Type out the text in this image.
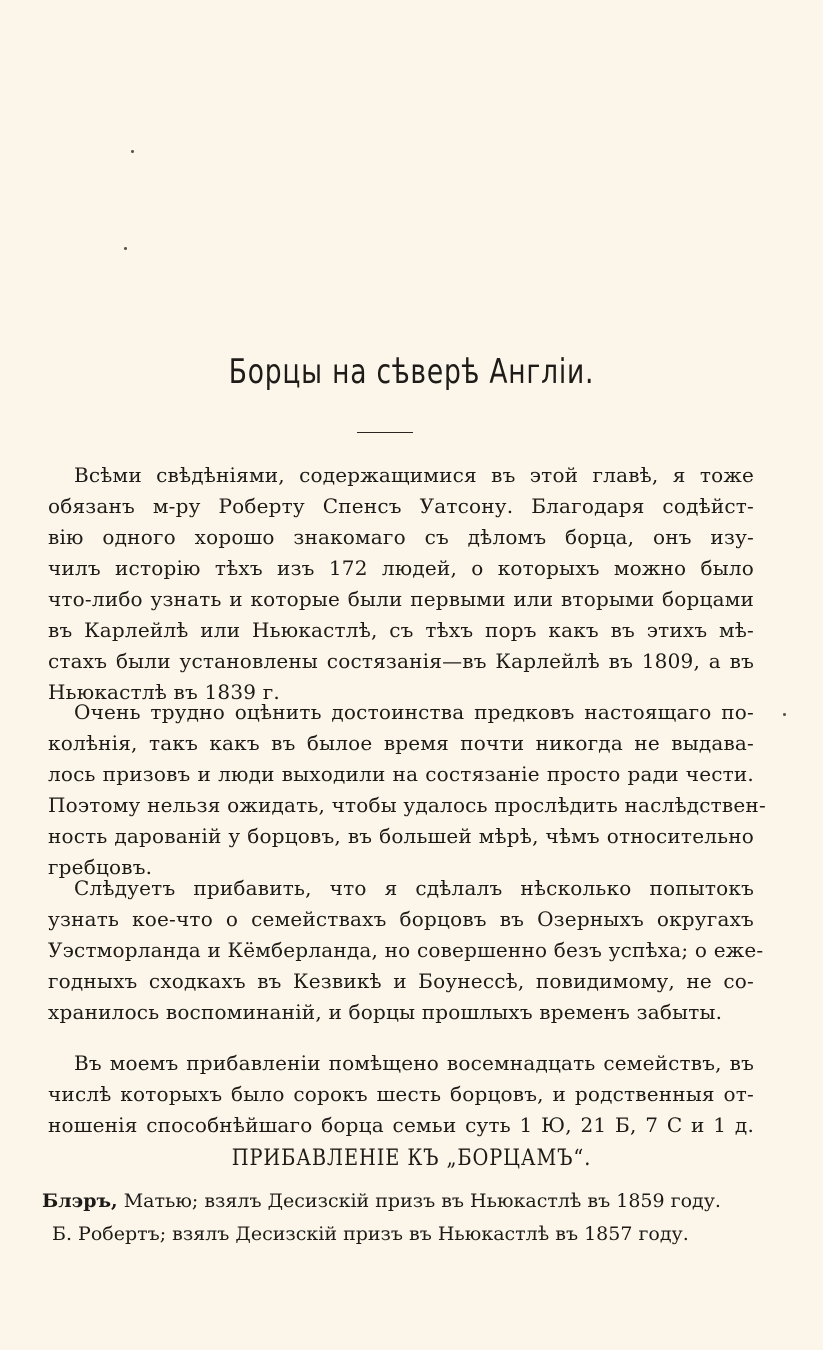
Борцы на сѣверѣ Англіи.
Всѣми свѣдѣніями, содержащимися въ этой главѣ, я тоже
обязанъ м-ру Роберту Спенсъ Уатсону. Благодаря содѣйст-
вію одного хорошо знакомаго съ дѣломъ борца, онъ изу-
чилъ исторію тѣхъ изъ 172 людей, о которыхъ можно было
что-либо узнать и которые были первыми или вторыми борцами
въ Карлейлѣ или Ньюкастлѣ, съ тѣхъ поръ какъ въ этихъ мѣ-
стахъ были установлены состязанія—въ Карлейлѣ въ 1809, а въ
Ньюкастлѣ въ 1839 г.
Очень трудно оцѣнить достоинства предковъ настоящаго по-
колѣнія, такъ какъ въ былое время почти никогда не выдава-
лось призовъ и люди выходили на состязаніе просто ради чести.
Поэтому нельзя ожидать, чтобы удалось прослѣдить наслѣдствен-
ность дарованій у борцовъ, въ большей мѣрѣ, чѣмъ относительно
гребцовъ.
Слѣдуетъ прибавить, что я сдѣлалъ нѣсколько попытокъ
узнать кое-что о семействахъ борцовъ въ Озерныхъ округахъ
Уэстморланда и Кёмберланда, но совершенно безъ успѣха; о еже-
годныхъ сходкахъ въ Кезвикѣ и Боунессѣ, повидимому, не со-
хранилось воспоминаній, и борцы прошлыхъ временъ забыты.
Въ моемъ прибавленіи помѣщено восемнадцать семействъ, въ
числѣ которыхъ было сорокъ шесть борцовъ, и родственныя от-
ношенія способнѣйшаго борца семьи суть 1 Ю, 21 Б, 7 С и 1 д.
ПРИБАВЛЕНІЕ КЪ „БОРЦАМЪ“.
Блэръ, Матью; взялъ Десизскій призъ въ Ньюкастлѣ въ 1859 году.
Б. Робертъ; взялъ Десизскій призъ въ Ньюкастлѣ въ 1857 году.
